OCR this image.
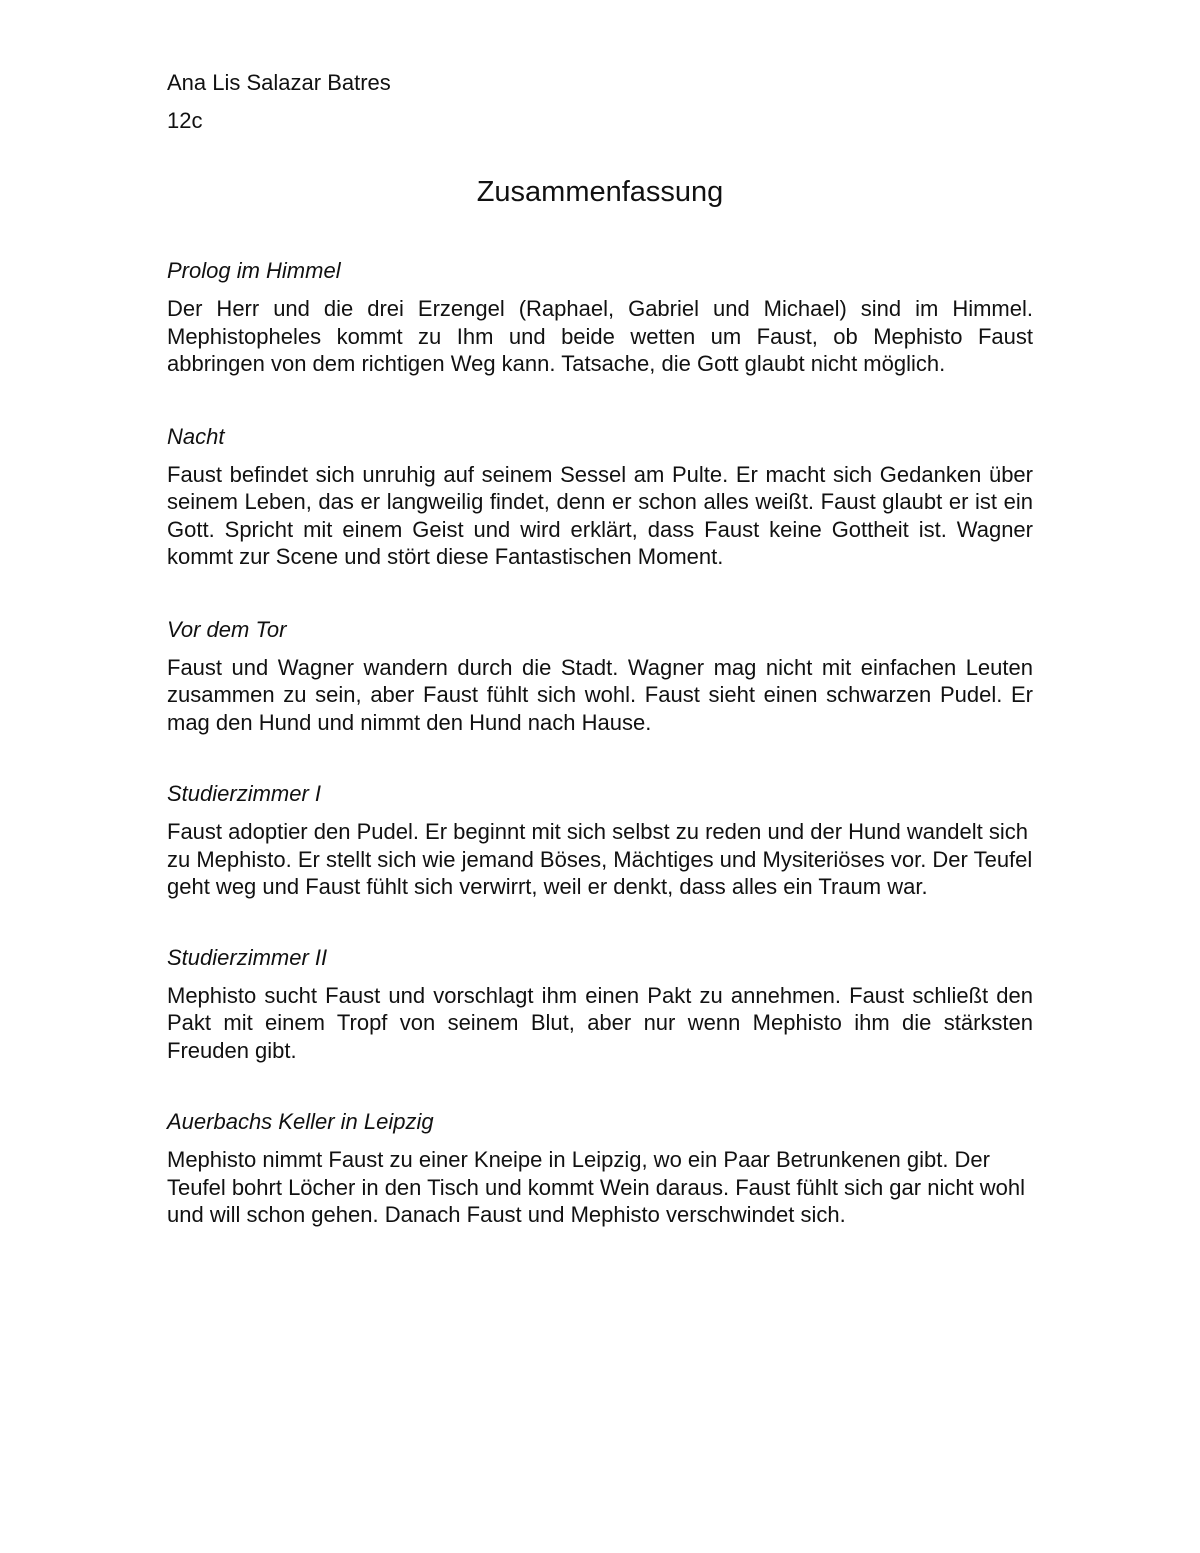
Ana Lis Salazar Batres

12c

Zusammenfassung
Prolog im Himmel

Der Herr und die drei Erzengel (Raphael, Gabriel und Michael) sind im Himmel. Mephistopheles kommt zu Ihm und beide wetten um Faust, ob Mephisto Faust abbringen von dem richtigen Weg kann. Tatsache, die Gott glaubt nicht möglich.

Nacht

Faust befindet sich unruhig auf seinem Sessel am Pulte. Er macht sich Gedanken über seinem Leben, das er langweilig findet, denn er schon alles weißt. Faust glaubt er ist ein Gott. Spricht mit einem Geist und wird erklärt, dass Faust keine Gottheit ist. Wagner kommt zur Scene und stört diese Fantastischen Moment.

Vor dem Tor

Faust und Wagner wandern durch die Stadt. Wagner mag nicht mit einfachen Leuten zusammen zu sein, aber Faust fühlt sich wohl. Faust sieht einen schwarzen Pudel. Er mag den Hund und nimmt den Hund nach Hause.

Studierzimmer I

Faust adoptier den Pudel. Er beginnt mit sich selbst zu reden und der Hund wandelt sich zu Mephisto. Er stellt sich wie jemand Böses, Mächtiges und Mysiteriöses vor. Der Teufel geht weg und Faust fühlt sich verwirrt, weil er denkt, dass alles ein Traum war.

Studierzimmer II

Mephisto sucht Faust und vorschlagt ihm einen Pakt zu annehmen. Faust schließt den Pakt mit einem Tropf von seinem Blut, aber nur wenn Mephisto ihm die stärksten Freuden gibt.

Auerbachs Keller in Leipzig

Mephisto nimmt Faust zu einer Kneipe in Leipzig, wo ein Paar Betrunkenen gibt. Der Teufel bohrt Löcher in den Tisch und kommt Wein daraus. Faust fühlt sich gar nicht wohl und will schon gehen. Danach Faust und Mephisto verschwindet sich.
